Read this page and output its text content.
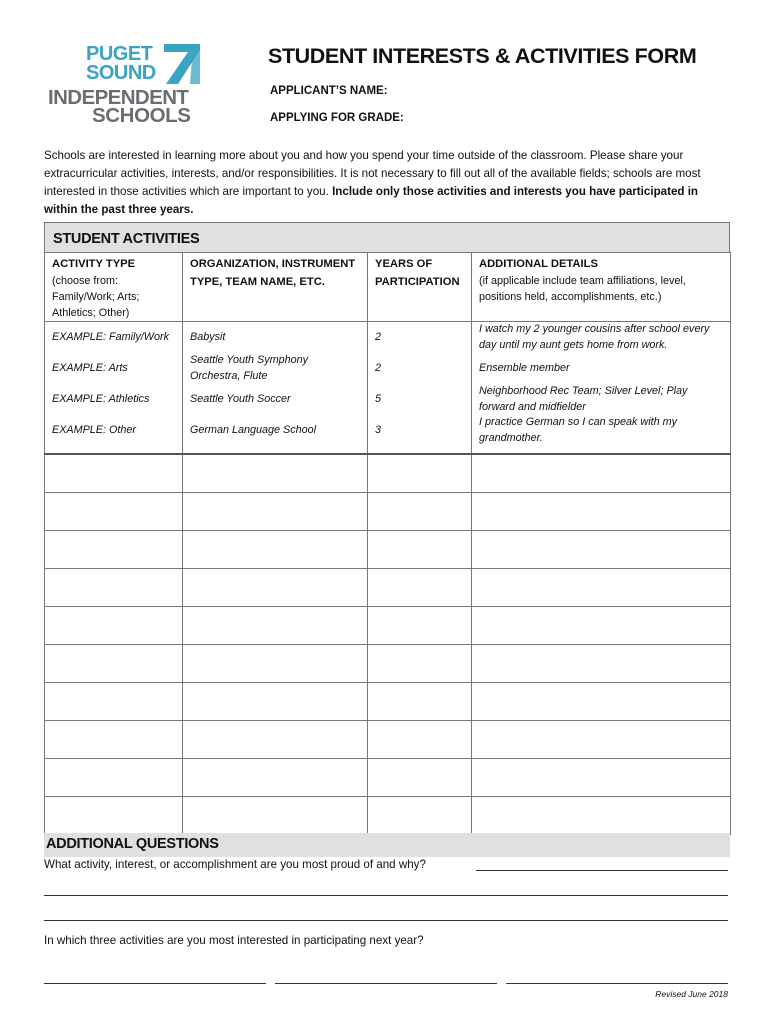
PUGET
SOUND
INDEPENDENT
SCHOOLS
STUDENT INTERESTS & ACTIVITIES FORM
APPLICANT’S NAME:
APPLYING FOR GRADE:
Schools are interested in learning more about you and how you spend your time outside of the classroom. Please share your extracurricular activities, interests, and/or responsibilities. It is not necessary to fill out all of the available fields; schools are most interested in those activities which are important to you. Include only those activities and interests you have participated in within the past three years.
STUDENT ACTIVITIES
ACTIVITY TYPE
(choose from: Family/Work; Arts; Athletics; Other)	ORGANIZATION, INSTRUMENT TYPE, TEAM NAME, ETC.	YEARS OF PARTICIPATION	ADDITIONAL DETAILS
(if applicable include team affiliations, level, positions held, accomplishments, etc.)

EXAMPLE: Family/Work	Babysit	2	I watch my 2 younger cousins after school every day until my aunt gets home from work.
EXAMPLE: Arts	Seattle Youth Symphony Orchestra, Flute	2	Ensemble member
EXAMPLE: Athletics	Seattle Youth Soccer	5	Neighborhood Rec Team; Silver Level; Play forward and midfielder
EXAMPLE: Other	German Language School	3	I practice German so I can speak with my grandmother.

ADDITIONAL QUESTIONS
What activity, interest, or accomplishment are you most proud of and why?
In which three activities are you most interested in participating next year?
Revised June 2018
